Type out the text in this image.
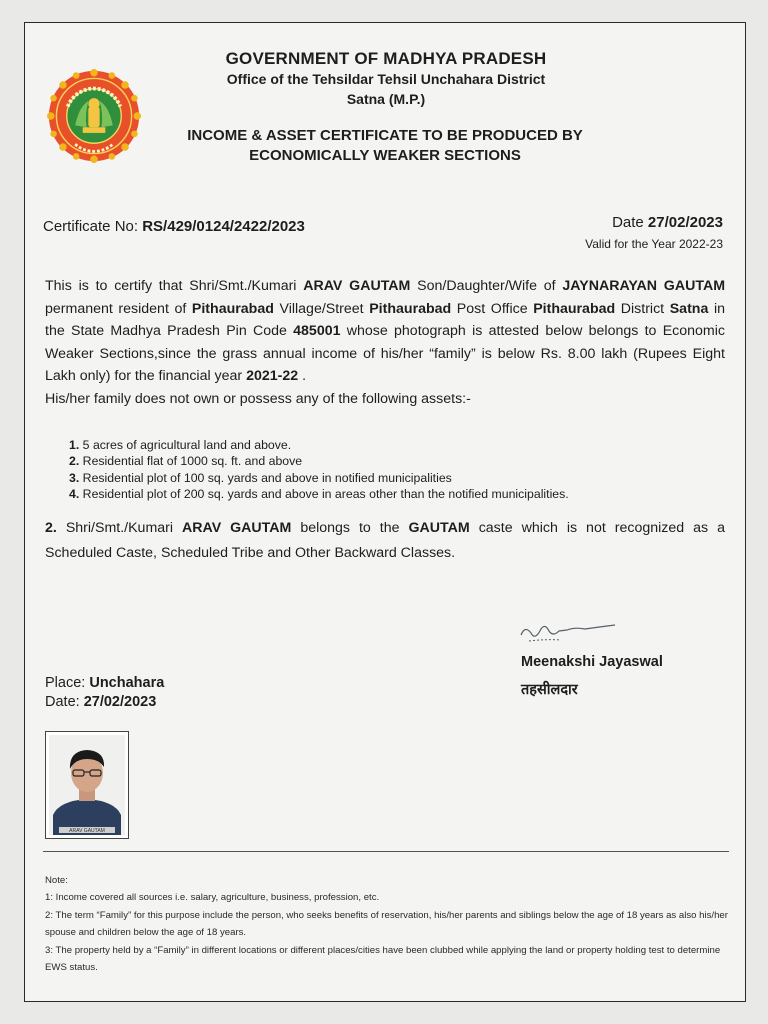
GOVERNMENT OF MADHYA PRADESH
Office of the Tehsildar Tehsil Unchahara District
Satna (M.P.)
INCOME & ASSET CERTIFICATE TO BE PRODUCED BY
ECONOMICALLY WEAKER SECTIONS
Certificate No: RS/429/0124/2422/2023	Date 27/02/2023
Valid for the Year 2022-23
This is to certify that Shri/Smt./Kumari ARAV GAUTAM Son/Daughter/Wife of JAYNARAYAN GAUTAM permanent resident of Pithaurabad Village/Street Pithaurabad Post Office Pithaurabad District Satna in the State Madhya Pradesh Pin Code 485001 whose photograph is attested below belongs to Economic Weaker Sections,since the grass annual income of his/her “family” is below Rs. 8.00 lakh (Rupees Eight Lakh only) for the financial year 2021-22 .
His/her family does not own or possess any of the following assets:-
1. 5 acres of agricultural land and above.
2. Residential flat of 1000 sq. ft. and above
3. Residential plot of 100 sq. yards and above in notified municipalities
4. Residential plot of 200 sq. yards and above in areas other than the notified municipalities.
2. Shri/Smt./Kumari ARAV GAUTAM belongs to the GAUTAM caste which is not recognized as a Scheduled Caste, Scheduled Tribe and Other Backward Classes.
Meenakshi Jayaswal
तहसीलदार
Place: Unchahara
Date: 27/02/2023
ARAV GAUTAM
Note:
1: Income covered all sources i.e. salary, agriculture, business, profession, etc.
2: The term “Family” for this purpose include the person, who seeks benefits of reservation, his/her parents and siblings below the age of 18 years as also his/her spouse and children below the age of 18 years.
3: The property held by a “Family” in different locations or different places/cities have been clubbed while applying the land or property holding test to determine EWS status.
